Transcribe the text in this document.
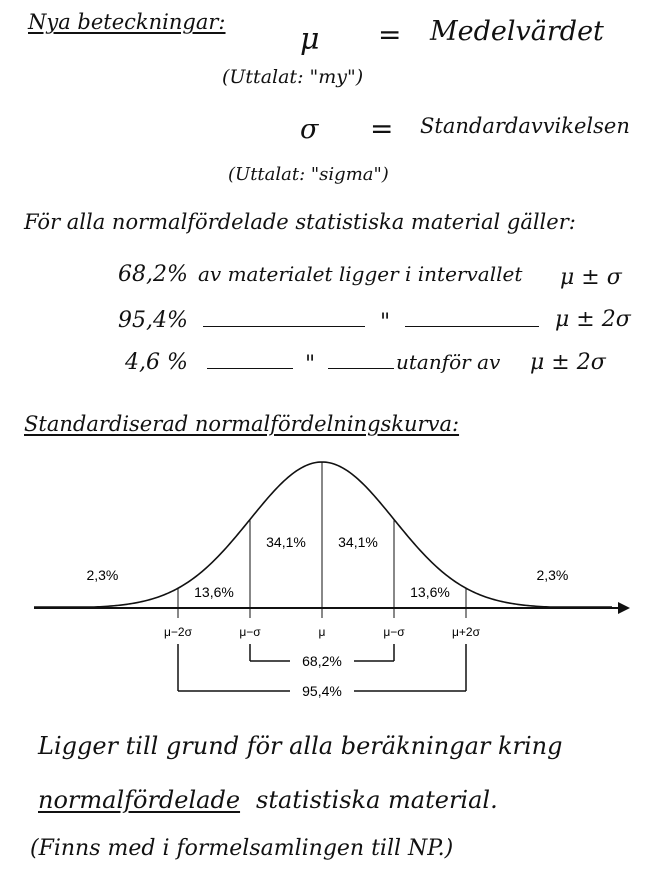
Nya beteckningar: μ = Medelvärdet
(Uttalat: "my")
σ = Standardavvikelsen
(Uttalat: "sigma")
För alla normalfördelade statistiska material gäller:
68,2% av materialet ligger i intervallet μ ± σ
95,4%	"	μ ± 2σ
4,6 %	"	utanför av μ ± 2σ
Standardiserad normalfördelningskurva:
μ−2σ	μ−σ	μ	μ−σ	μ+2σ
2,3%
13,6%
34,1% 34,1%
13,6%
2,3%
68,2%
95,4%
Ligger till grund för alla beräkningar kring
normalfördelade statistiska material.
(Finns med i formelsamlingen till NP.)
